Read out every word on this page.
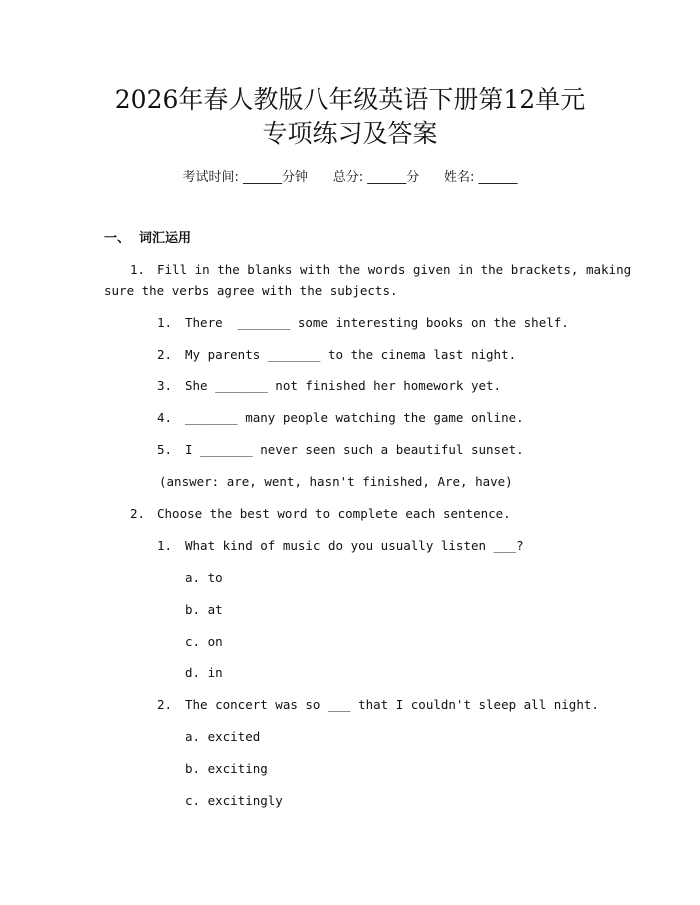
2026年春人教版八年级英语下册第12单元
专项练习及答案
考试时间: ______分钟      总分: ______分      姓名: ______
一、  词汇运用
1. Fill in the blanks with the words given in the brackets, making
sure the verbs agree with the subjects.
1. There  _______ some interesting books on the shelf.
2. My parents _______ to the cinema last night.
3. She _______ not finished her homework yet.
4. _______ many people watching the game online.
5. I _______ never seen such a beautiful sunset.
(answer: are, went, hasn't finished, Are, have)
2. Choose the best word to complete each sentence.
1. What kind of music do you usually listen ___?
a. to
b. at
c. on
d. in
2. The concert was so ___ that I couldn't sleep all night.
a. excited
b. exciting
c. excitingly
